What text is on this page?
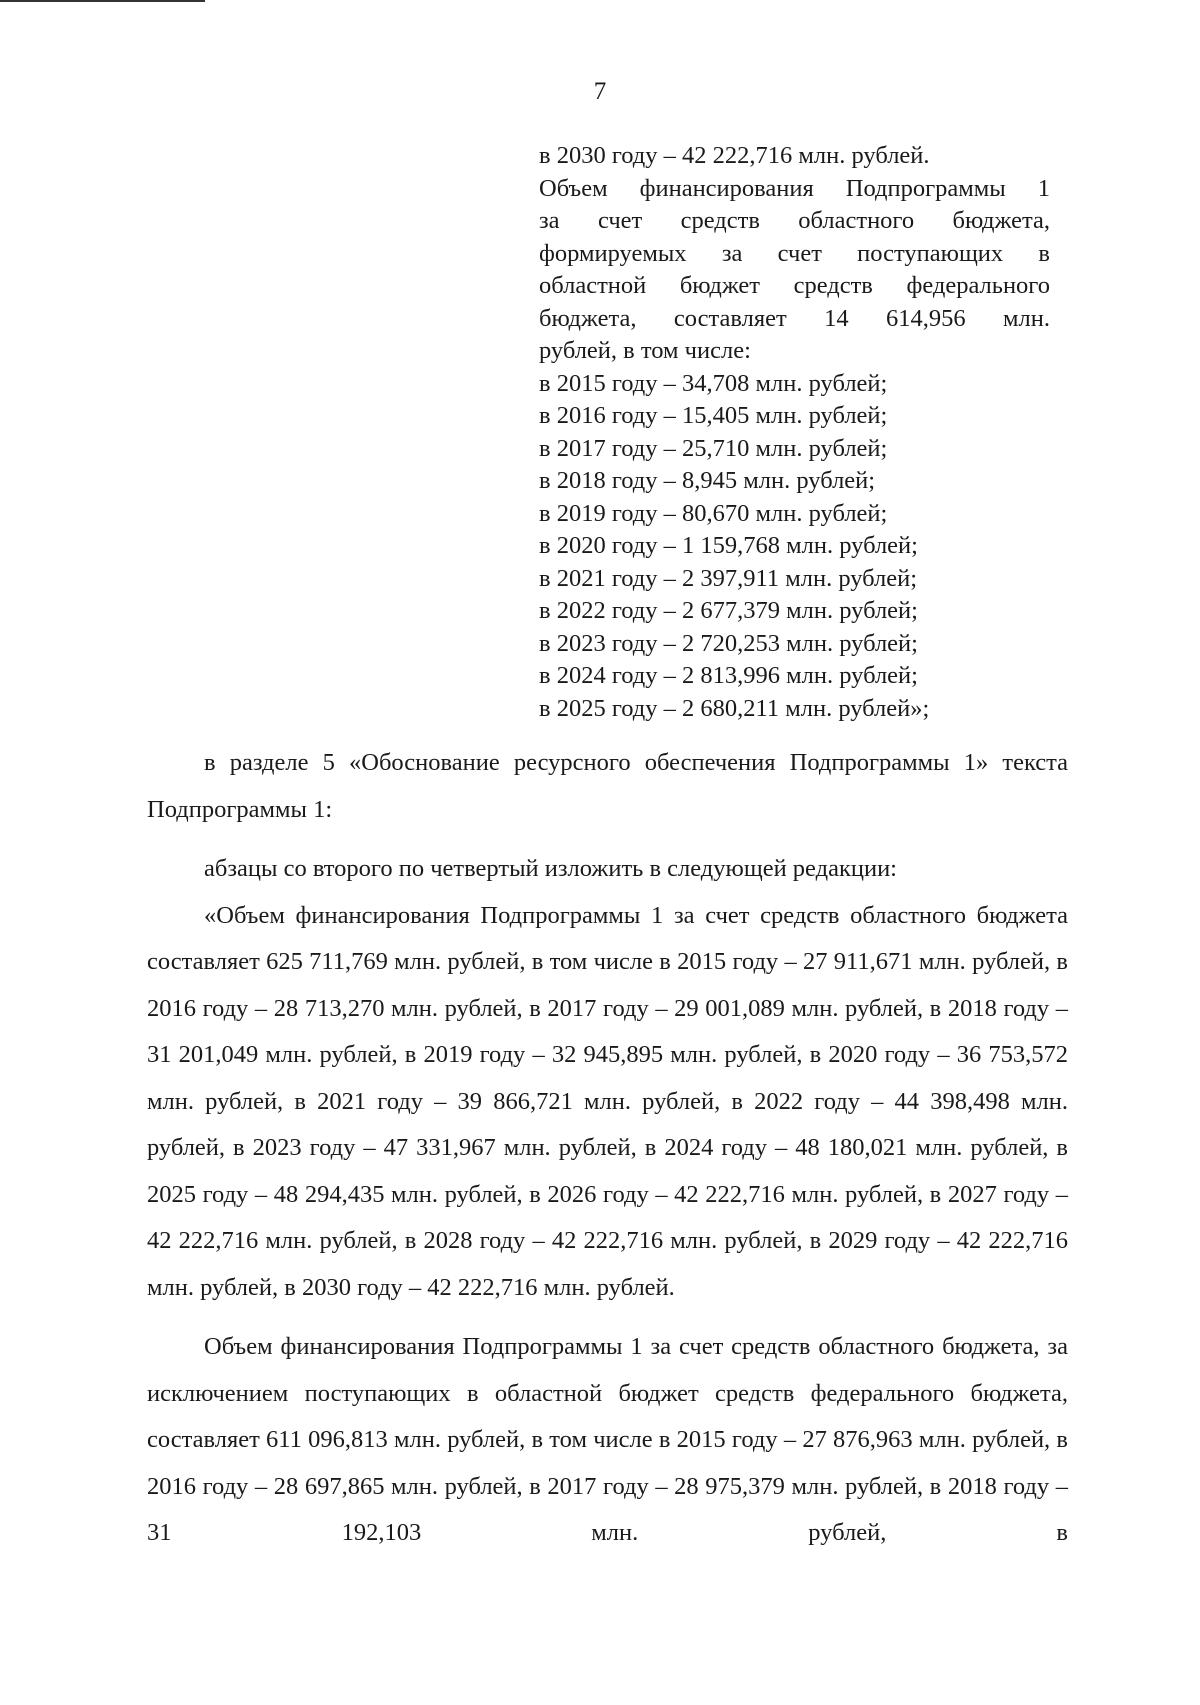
7
в 2030 году – 42 222,716 млн. рублей.
Объем финансирования Подпрограммы 1
за счет средств областного бюджета,
формируемых за счет поступающих в
областной бюджет средств федерального
бюджета, составляет 14 614,956 млн.
рублей, в том числе:
в 2015 году – 34,708 млн. рублей;
в 2016 году – 15,405 млн. рублей;
в 2017 году – 25,710 млн. рублей;
в 2018 году – 8,945 млн. рублей;
в 2019 году – 80,670 млн. рублей;
в 2020 году – 1 159,768 млн. рублей;
в 2021 году – 2 397,911 млн. рублей;
в 2022 году – 2 677,379 млн. рублей;
в 2023 году – 2 720,253 млн. рублей;
в 2024 году – 2 813,996 млн. рублей;
в 2025 году – 2 680,211 млн. рублей»;

в разделе 5 «Обоснование ресурсного обеспечения Подпрограммы 1» текста Подпрограммы 1:

абзацы со второго по четвертый изложить в следующей редакции:

«Объем финансирования Подпрограммы 1 за счет средств областного бюджета составляет 625 711,769 млн. рублей, в том числе в 2015 году – 27 911,671 млн. рублей, в 2016 году – 28 713,270 млн. рублей, в 2017 году – 29 001,089 млн. рублей, в 2018 году – 31 201,049 млн. рублей, в 2019 году – 32 945,895 млн. рублей, в 2020 году – 36 753,572 млн. рублей, в 2021 году – 39 866,721 млн. рублей, в 2022 году – 44 398,498 млн. рублей, в 2023 году – 47 331,967 млн. рублей, в 2024 году – 48 180,021 млн. рублей, в 2025 году – 48 294,435 млн. рублей, в 2026 году – 42 222,716 млн. рублей, в 2027 году – 42 222,716 млн. рублей, в 2028 году – 42 222,716 млн. рублей, в 2029 году – 42 222,716 млн. рублей, в 2030 году – 42 222,716 млн. рублей.

Объем финансирования Подпрограммы 1 за счет средств областного бюджета, за исключением поступающих в областной бюджет средств федерального бюджета, составляет 611 096,813 млн. рублей, в том числе в 2015 году – 27 876,963 млн. рублей, в 2016 году – 28 697,865 млн. рублей, в 2017 году – 28 975,379 млн. рублей, в 2018 году – 31 192,103 млн. рублей, в
